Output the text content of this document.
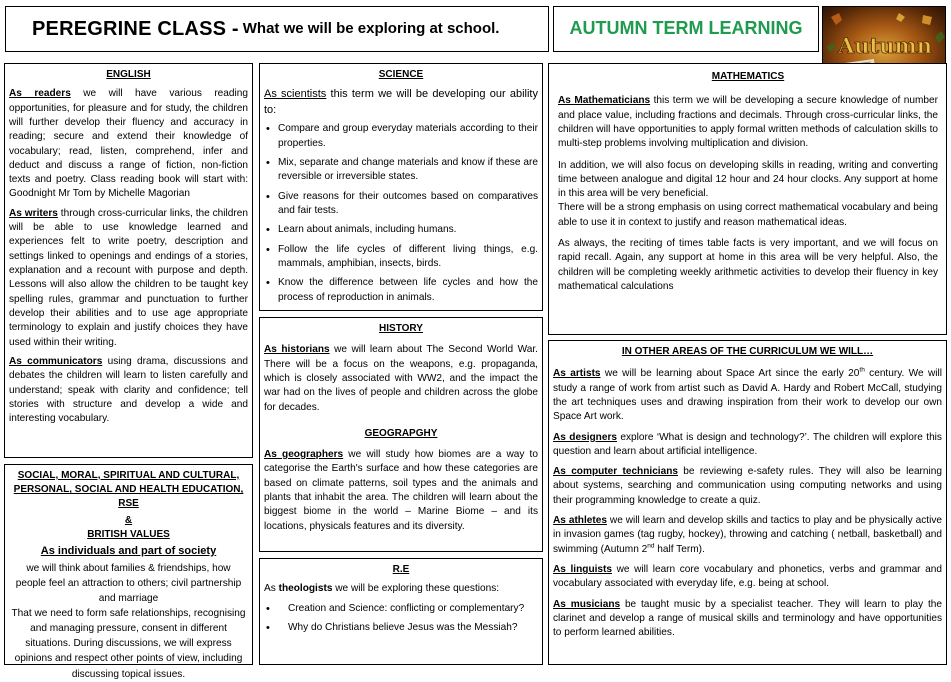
PEREGRINE CLASS - What we will be exploring at school.	AUTUMN TERM LEARNING
Autumn
ENGLISH

As readers we will have various reading opportunities, for pleasure and for study, the children will further develop their fluency and accuracy in reading; secure and extend their knowledge of vocabulary; read, listen, comprehend, infer and deduct and discuss a range of fiction, non-fiction texts and poetry. Class reading book will start with: Goodnight Mr Tom by Michelle Magorian

As writers through cross-curricular links, the children will be able to use knowledge learned and experiences felt to write poetry, description and settings linked to openings and endings of a stories, explanation and a recount with purpose and depth. Lessons will also allow the children to be taught key spelling rules, grammar and punctuation to further develop their abilities and to use age appropriate terminology to explain and justify choices they have used within their writing.

As communicators using drama, discussions and debates the children will learn to listen carefully and understand; speak with clarity and confidence; tell stories with structure and develop a wide and interesting vocabulary.

SOCIAL, MORAL, SPIRITUAL AND CULTURAL, PERSONAL, SOCIAL AND HEALTH EDUCATION, RSE
&
BRITISH VALUES
As individuals and part of society

we will think about families & friendships, how people feel an attraction to others; civil partnership and marriage

That we need to form safe relationships, recognising and managing pressure, consent in different situations. During discussions, we will express opinions and respect other points of view, including discussing topical issues.

SCIENCE

As scientists this term we will be developing our ability to:

• Compare and group everyday materials according to their properties.
• Mix, separate and change materials and know if these are reversible or irreversible states.
• Give reasons for their outcomes based on comparatives and fair tests.
• Learn about animals, including humans.
• Follow the life cycles of different living things, e.g. mammals, amphibian, insects, birds.
• Know the difference between life cycles and how the process of reproduction in animals.
HISTORY

As historians we will learn about The Second World War. There will be a focus on the weapons, e.g. propaganda, which is closely associated with WW2, and the impact the war had on the lives of people and children across the globe for decades.

GEOGRAPGHY

As geographers we will study how biomes are a way to categorise the Earth's surface and how these categories are based on climate patterns, soil types and the animals and plants that inhabit the area. The children will learn about the biggest biome in the world – Marine Biome – and its locations, physicals features and its diversity.

R.E

As theologists we will be exploring these questions:

• Creation and Science: conflicting or complementary?
• Why do Christians believe Jesus was the Messiah?
MATHEMATICS

As Mathematicians this term we will be developing a secure knowledge of number and place value, including fractions and decimals. Through cross-curricular links, the children will have opportunities to apply formal written methods of calculation skills to multi-step problems involving multiplication and division.

In addition, we will also focus on developing skills in reading, writing and converting time between analogue and digital 12 hour and 24 hour clocks. Any support at home in this area will be very beneficial.

There will be a strong emphasis on using correct mathematical vocabulary and being able to use it in context to justify and reason mathematical ideas.

As always, the reciting of times table facts is very important, and we will focus on rapid recall. Again, any support at home in this area will be very helpful. Also, the children will be completing weekly arithmetic activities to develop their fluency in key mathematical calculations

IN OTHER AREAS OF THE CURRICULUM WE WILL…

As artists we will be learning about Space Art since the early 20th century. We will study a range of work from artist such as David A. Hardy and Robert McCall, studying the art techniques uses and drawing inspiration from their work to develop our own Space Art work.

As designers explore ‘What is design and technology?’. The children will explore this question and learn about artificial intelligence.

As computer technicians be reviewing e-safety rules. They will also be learning about systems, searching and communication using computing networks and using their programming knowledge to create a quiz.

As athletes we will learn and develop skills and tactics to play and be physically active in invasion games (tag rugby, hockey), throwing and catching ( netball, basketball) and swimming (Autumn 2nd half Term).

As linguists we will learn core vocabulary and phonetics, verbs and grammar and vocabulary associated with everyday life, e.g. being at school.

As musicians be taught music by a specialist teacher. They will learn to play the clarinet and develop a range of musical skills and terminology and have opportunities to perform learned abilities.
